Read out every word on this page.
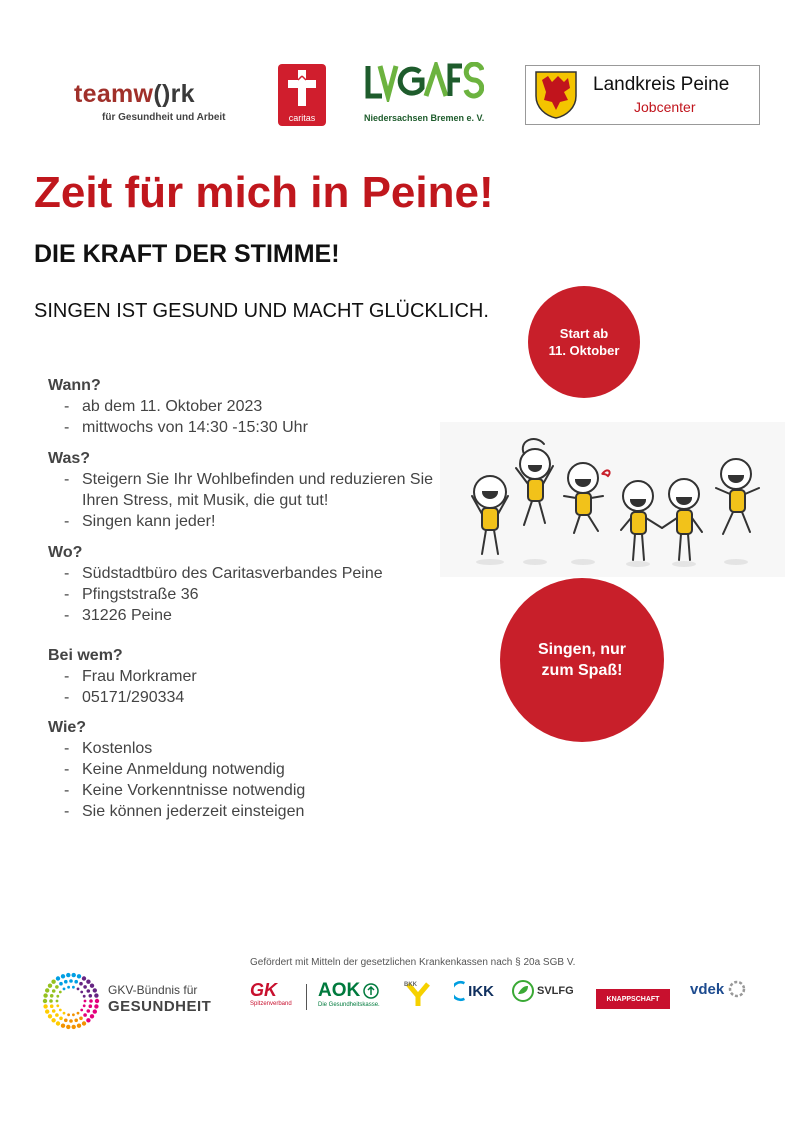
teamw()rk
für Gesundheit und Arbeit	caritas	Niedersachsen Bremen e. V.
Landkreis Peine
Jobcenter
Zeit für mich in Peine!
DIE KRAFT DER STIMME!
SINGEN IST GESUND UND MACHT GLÜCKLICH.
Start ab
11. Oktober
Singen, nur
zum Spaß!
Wann?
- ab dem 11. Oktober 2023
- mittwochs von 14:30 -15:30 Uhr
Was?
- Steigern Sie Ihr Wohlbefinden und reduzieren Sie Ihren Stress, mit Musik, die gut tut!
- Singen kann jeder!
Wo?
- Südstadtbüro des Caritasverbandes Peine
- Pfingststraße 36
- 31226 Peine
Bei wem?
- Frau Morkramer
- 05171/290334
Wie?
- Kostenlos
- Keine Anmeldung notwendig
- Keine Vorkenntnisse notwendig
- Sie können jederzeit einsteigen
Gefördert mit Mitteln der gesetzlichen Krankenkassen nach § 20a SGB V.
GKV-Bündnis für
GESUNDHEIT
GK
Spitzenverband
AOK
Die Gesundheitskasse.
BKK	IKK	SVLFG
KNAPPSCHAFT
vdek
